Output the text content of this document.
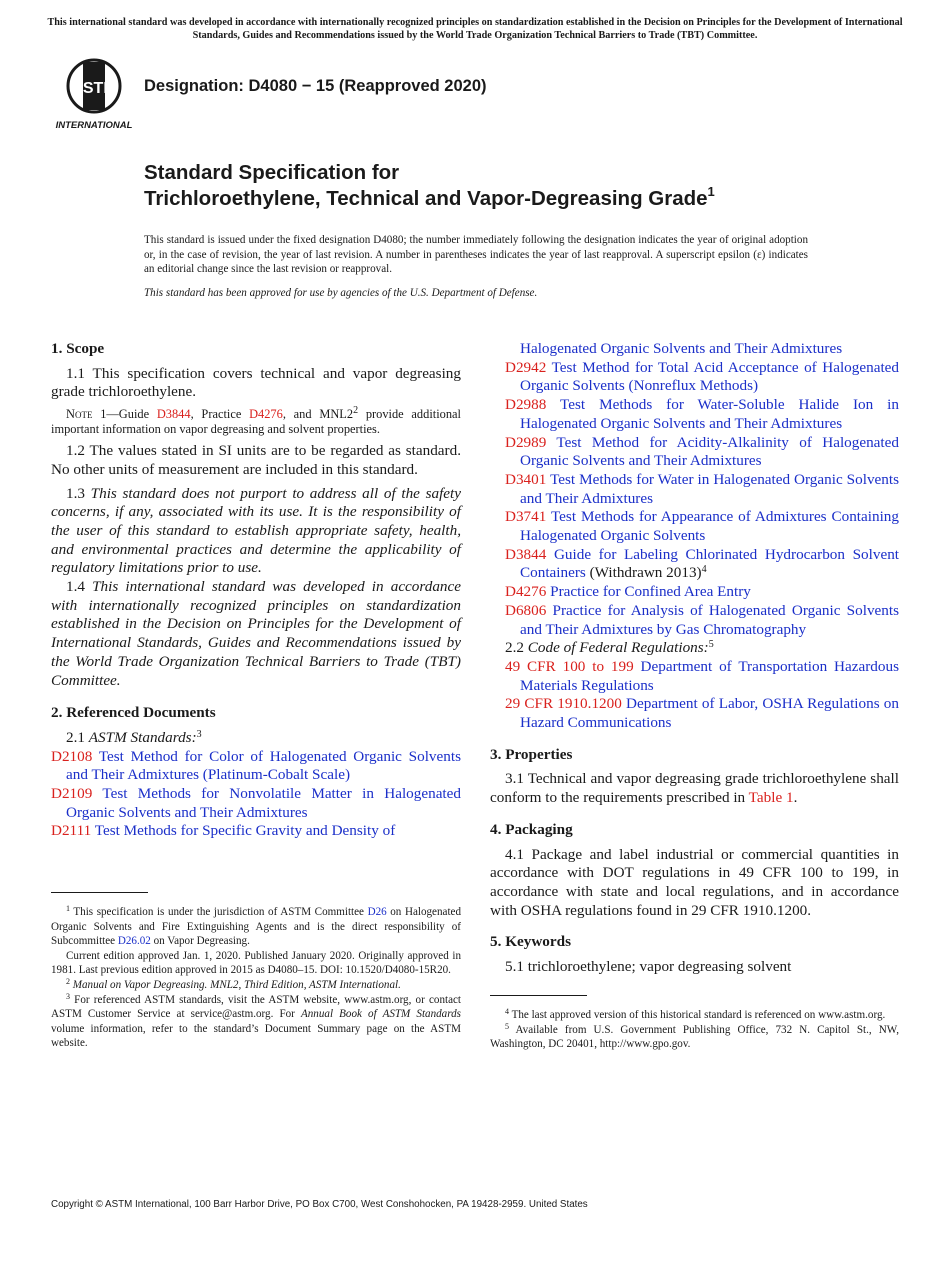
This international standard was developed in accordance with internationally recognized principles on standardization established in the Decision on Principles for the Development of International Standards, Guides and Recommendations issued by the World Trade Organization Technical Barriers to Trade (TBT) Committee.
ASTM
INTERNATIONAL
Designation: D4080 − 15 (Reapproved 2020)
Standard Specification for
Trichloroethylene, Technical and Vapor-Degreasing Grade$^1$
This standard is issued under the fixed designation D4080; the number immediately following the designation indicates the year of original adoption or, in the case of revision, the year of last revision. A number in parentheses indicates the year of last reapproval. A superscript epsilon (ε) indicates an editorial change since the last revision or reapproval.
This standard has been approved for use by agencies of the U.S. Department of Defense.
1. Scope
1.1 This specification covers technical and vapor degreasing grade trichloroethylene.
Note 1—Guide D3844, Practice D4276, and $MNL2^2$ provide additional important information on vapor degreasing and solvent properties.
1.2 The values stated in SI units are to be regarded as standard. No other units of measurement are included in this standard.
1.3 This standard does not purport to address all of the safety concerns, if any, associated with its use. It is the responsibility of the user of this standard to establish appropriate safety, health, and environmental practices and determine the applicability of regulatory limitations prior to use.
1.4 This international standard was developed in accordance with internationally recognized principles on standardization established in the Decision on Principles for the Development of International Standards, Guides and Recommendations issued by the World Trade Organization Technical Barriers to Trade (TBT) Committee.
2. Referenced Documents
2.1 ASTM Standards:$^3$
D2108 Test Method for Color of Halogenated Organic Solvents and Their Admixtures (Platinum-Cobalt Scale)
D2109 Test Methods for Nonvolatile Matter in Halogenated Organic Solvents and Their Admixtures
D2111 Test Methods for Specific Gravity and Density of
$^1$ This specification is under the jurisdiction of ASTM Committee D26 on Halogenated Organic Solvents and Fire Extinguishing Agents and is the direct responsibility of Subcommittee D26.02 on Vapor Degreasing.
Current edition approved Jan. 1, 2020. Published January 2020. Originally approved in 1981. Last previous edition approved in 2015 as D4080–15. DOI: 10.1520/D4080-15R20.
$^2$ Manual on Vapor Degreasing. MNL2, Third Edition, ASTM International.
$^3$ For referenced ASTM standards, visit the ASTM website, www.astm.org, or contact ASTM Customer Service at service@astm.org. For Annual Book of ASTM Standards volume information, refer to the standard’s Document Summary page on the ASTM website.
Halogenated Organic Solvents and Their Admixtures
D2942 Test Method for Total Acid Acceptance of Halogenated Organic Solvents (Nonreflux Methods)
D2988 Test Methods for Water-Soluble Halide Ion in Halogenated Organic Solvents and Their Admixtures
D2989 Test Method for Acidity-Alkalinity of Halogenated Organic Solvents and Their Admixtures
D3401 Test Methods for Water in Halogenated Organic Solvents and Their Admixtures
D3741 Test Methods for Appearance of Admixtures Containing Halogenated Organic Solvents
D3844 Guide for Labeling Chlorinated Hydrocarbon Solvent Containers (Withdrawn 2013)$^4$
D4276 Practice for Confined Area Entry
D6806 Practice for Analysis of Halogenated Organic Solvents and Their Admixtures by Gas Chromatography
2.2 Code of Federal Regulations:$^5$
49 CFR 100 to 199 Department of Transportation Hazardous Materials Regulations
29 CFR 1910.1200 Department of Labor, OSHA Regulations on Hazard Communications
3. Properties
3.1 Technical and vapor degreasing grade trichloroethylene shall conform to the requirements prescribed in Table 1.
4. Packaging
4.1 Package and label industrial or commercial quantities in accordance with DOT regulations in 49 CFR 100 to 199, in accordance with state and local regulations, and in accordance with OSHA regulations found in 29 CFR 1910.1200.
5. Keywords
5.1 trichloroethylene; vapor degreasing solvent
$^4$ The last approved version of this historical standard is referenced on www.astm.org.
$^5$ Available from U.S. Government Publishing Office, 732 N. Capitol St., NW, Washington, DC 20401, http://www.gpo.gov.
Copyright © ASTM International, 100 Barr Harbor Drive, PO Box C700, West Conshohocken, PA 19428-2959. United States
